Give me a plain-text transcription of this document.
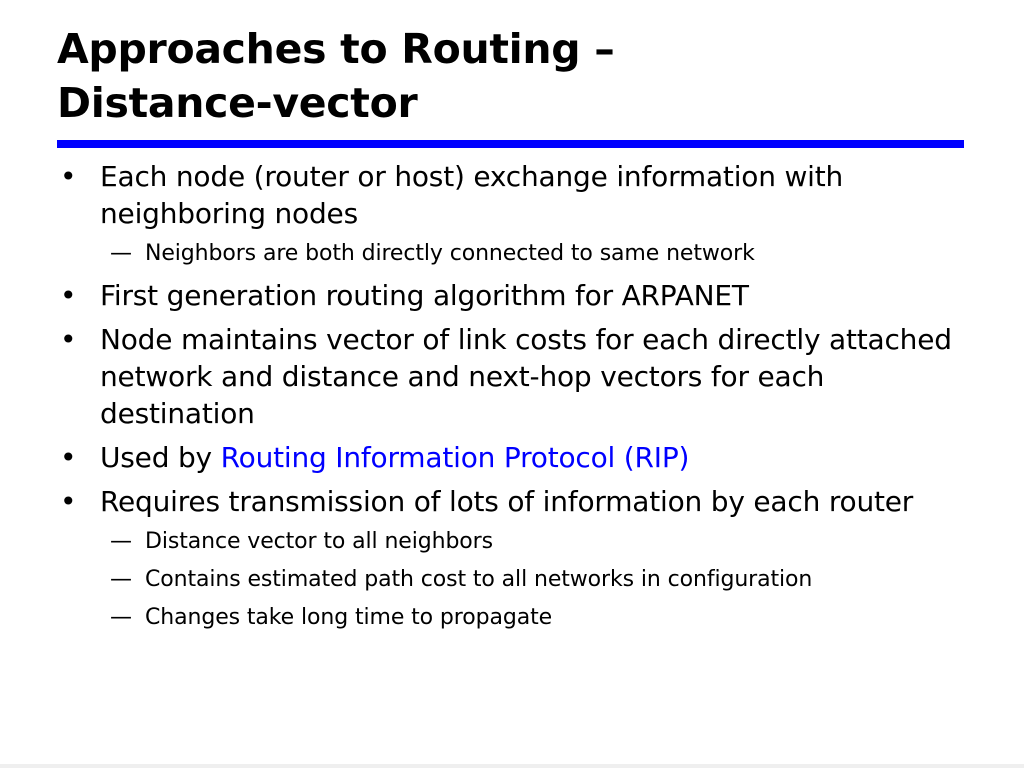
Approaches to Routing –
Distance-vector
• Each node (router or host) exchange information with neighboring nodes
— Neighbors are both directly connected to same network
• First generation routing algorithm for ARPANET
• Node maintains vector of link costs for each directly attached network and distance and next-hop vectors for each destination
• Used by Routing Information Protocol (RIP)
• Requires transmission of lots of information by each router
— Distance vector to all neighbors
— Contains estimated path cost to all networks in configuration
— Changes take long time to propagate
